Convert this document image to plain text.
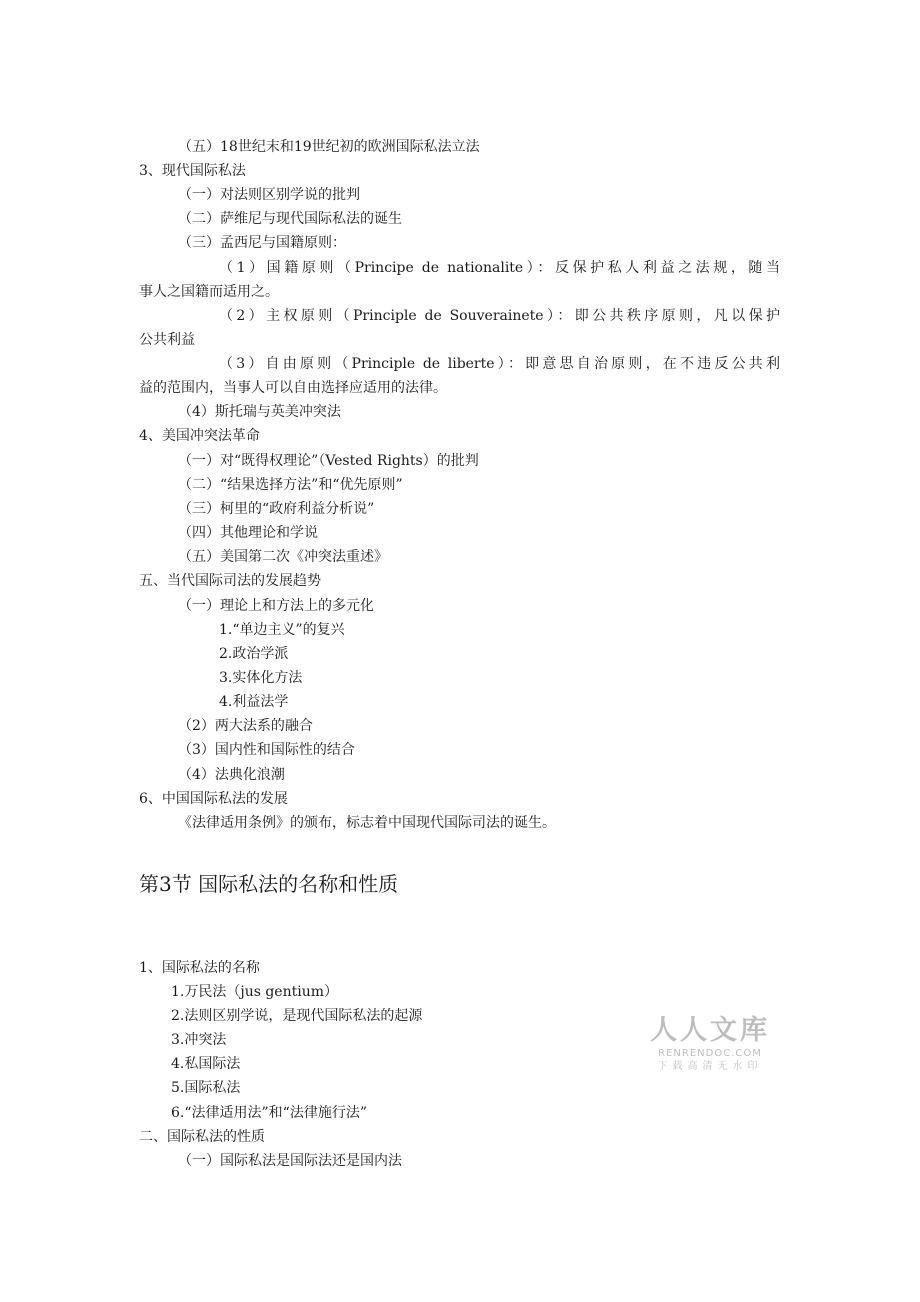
（五）18世纪末和19世纪初的欧洲国际私法立法
3、现代国际私法
（一）对法则区别学说的批判
（二）萨维尼与现代国际私法的诞生
（三）孟西尼与国籍原则：
（1）国籍原则（Principe de nationalite）：反保护私人利益之法规，随当
事人之国籍而适用之。
（2）主权原则（Principle de Souverainete）：即公共秩序原则，凡以保护
公共利益
（3）自由原则（Principle de liberte）：即意思自治原则，在不违反公共利
益的范围内，当事人可以自由选择应适用的法律。
（4）斯托瑞与英美冲突法
4、美国冲突法革命
（一）对“既得权理论”（Vested Rights）的批判
（二）“结果选择方法”和“优先原则”
（三）柯里的“政府利益分析说”
（四）其他理论和学说
（五）美国第二次《冲突法重述》
五、当代国际司法的发展趋势
（一）理论上和方法上的多元化
1.“单边主义”的复兴
2.政治学派
3.实体化方法
4.利益法学
（2）两大法系的融合
（3）国内性和国际性的结合
（4）法典化浪潮
6、中国国际私法的发展
《法律适用条例》的颁布，标志着中国现代国际司法的诞生。
第3节 国际私法的名称和性质
1、国际私法的名称
1.万民法（jus gentium）
2.法则区别学说，是现代国际私法的起源
3.冲突法
4.私国际法
5.国际私法
6.“法律适用法”和“法律施行法”
二、国际私法的性质
（一）国际私法是国际法还是国内法
人人文库
RENRENDOC.COM
下载高清无水印
